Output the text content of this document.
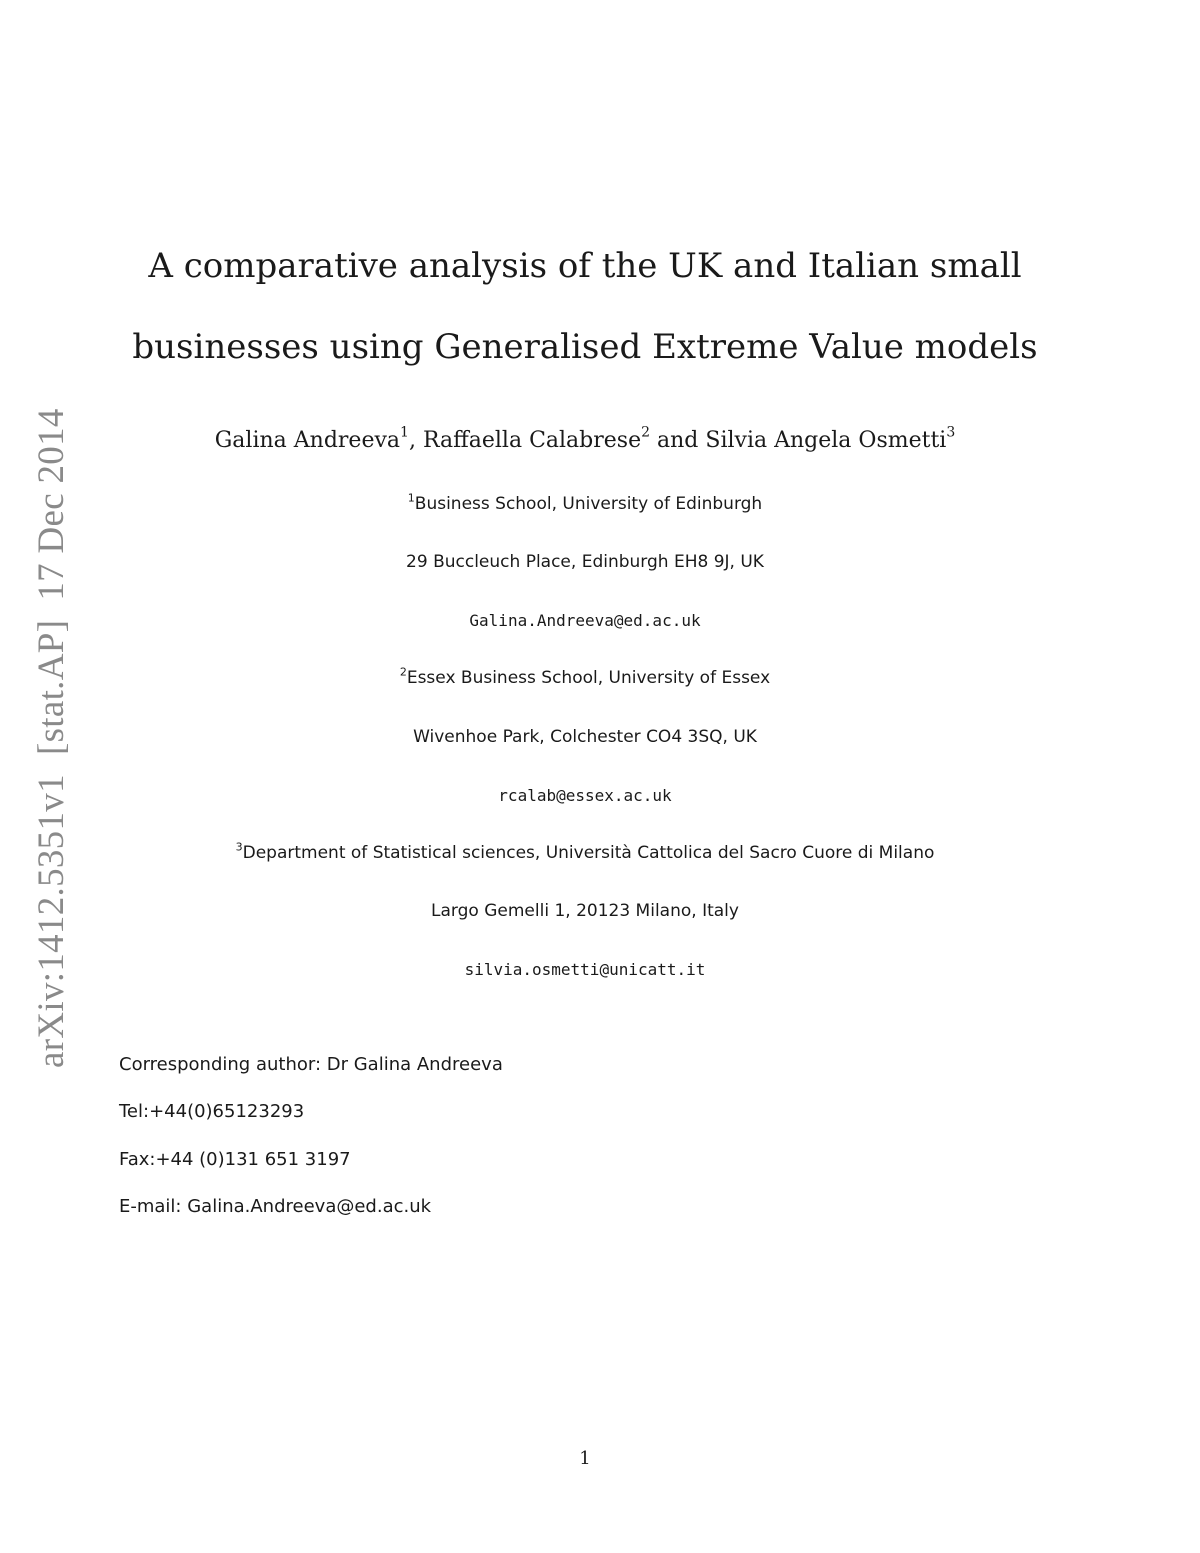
arXiv:1412.5351v1  [stat.AP]  17 Dec 2014
A comparative analysis of the UK and Italian small
businesses using Generalised Extreme Value models
Galina Andreeva$^1$, Raffaella Calabrese$^2$ and Silvia Angela Osmetti$^3$
$^1$Business School, University of Edinburgh
29 Buccleuch Place, Edinburgh EH8 9J, UK
Galina.Andreeva@ed.ac.uk
$^2$Essex Business School, University of Essex
Wivenhoe Park, Colchester CO4 3SQ, UK
rcalab@essex.ac.uk
$^3$Department of Statistical sciences, Università Cattolica del Sacro Cuore di Milano
Largo Gemelli 1, 20123 Milano, Italy
silvia.osmetti@unicatt.it
Corresponding author: Dr Galina Andreeva
Tel:+44(0)65123293
Fax:+44 (0)131 651 3197
E-mail: Galina.Andreeva@ed.ac.uk
1
